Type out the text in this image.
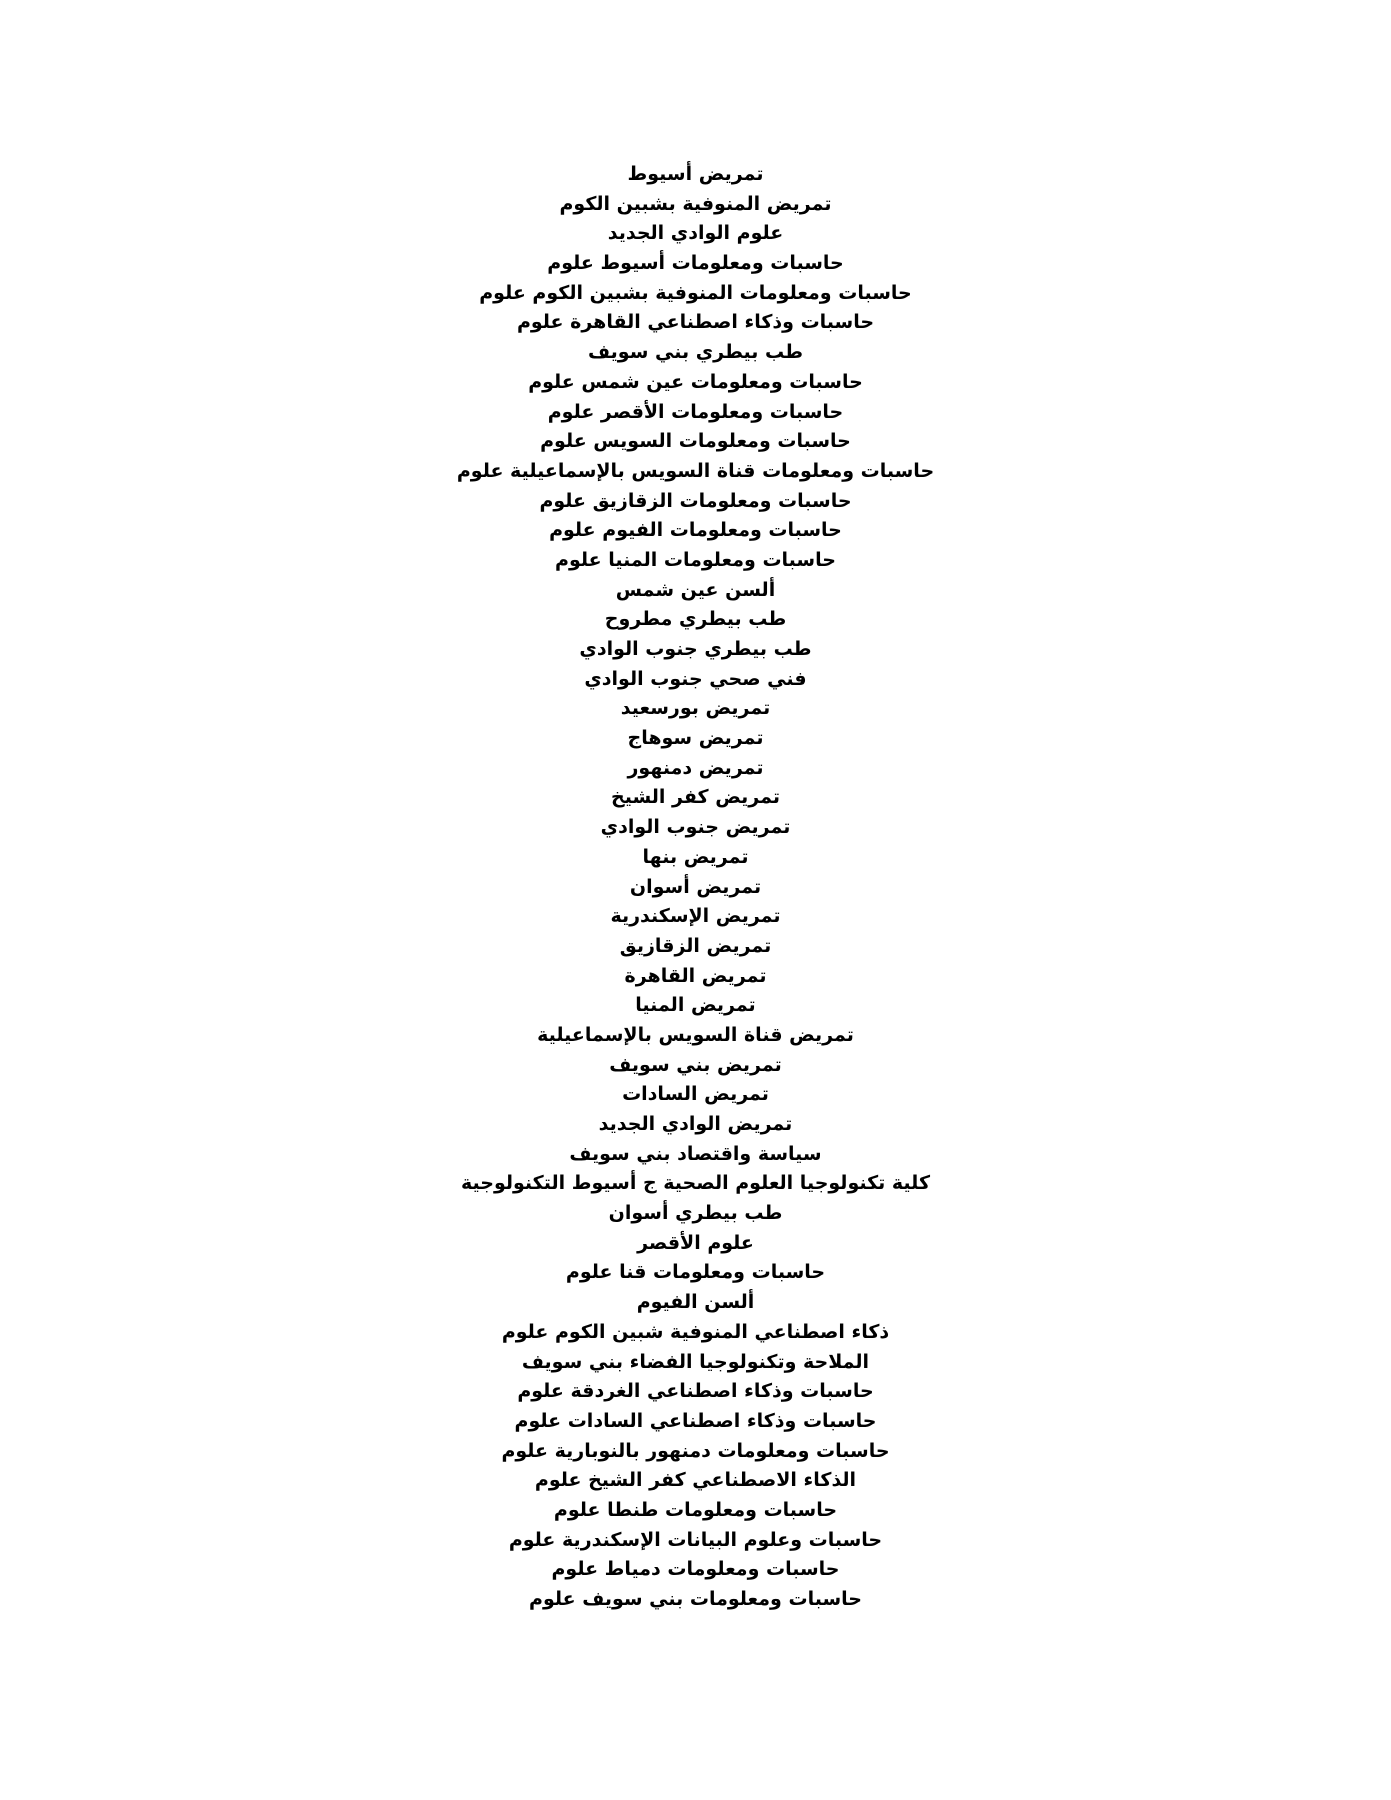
تمريض أسيوط
تمريض المنوفية بشبين الكوم
علوم الوادي الجديد
حاسبات ومعلومات أسيوط علوم
حاسبات ومعلومات المنوفية بشبين الكوم علوم
حاسبات وذكاء اصطناعي القاهرة علوم
طب بيطري بني سويف
حاسبات ومعلومات عين شمس علوم
حاسبات ومعلومات الأقصر علوم
حاسبات ومعلومات السويس علوم
حاسبات ومعلومات قناة السويس بالإسماعيلية علوم
حاسبات ومعلومات الزقازيق علوم
حاسبات ومعلومات الفيوم علوم
حاسبات ومعلومات المنيا علوم
ألسن عين شمس
طب بيطري مطروح
طب بيطري جنوب الوادي
فني صحي جنوب الوادي
تمريض بورسعيد
تمريض سوهاج
تمريض دمنهور
تمريض كفر الشيخ
تمريض جنوب الوادي
تمريض بنها
تمريض أسوان
تمريض الإسكندرية
تمريض الزقازيق
تمريض القاهرة
تمريض المنيا
تمريض قناة السويس بالإسماعيلية
تمريض بني سويف
تمريض السادات
تمريض الوادي الجديد
سياسة واقتصاد بني سويف
كلية تكنولوجيا العلوم الصحية ج أسيوط التكنولوجية
طب بيطري أسوان
علوم الأقصر
حاسبات ومعلومات قنا علوم
ألسن الفيوم
ذكاء اصطناعي المنوفية شبين الكوم علوم
الملاحة وتكنولوجيا الفضاء بني سويف
حاسبات وذكاء اصطناعي الغردقة علوم
حاسبات وذكاء اصطناعي السادات علوم
حاسبات ومعلومات دمنهور بالنوبارية علوم
الذكاء الاصطناعي كفر الشيخ علوم
حاسبات ومعلومات طنطا علوم
حاسبات وعلوم البيانات الإسكندرية علوم
حاسبات ومعلومات دمياط علوم
حاسبات ومعلومات بني سويف علوم
